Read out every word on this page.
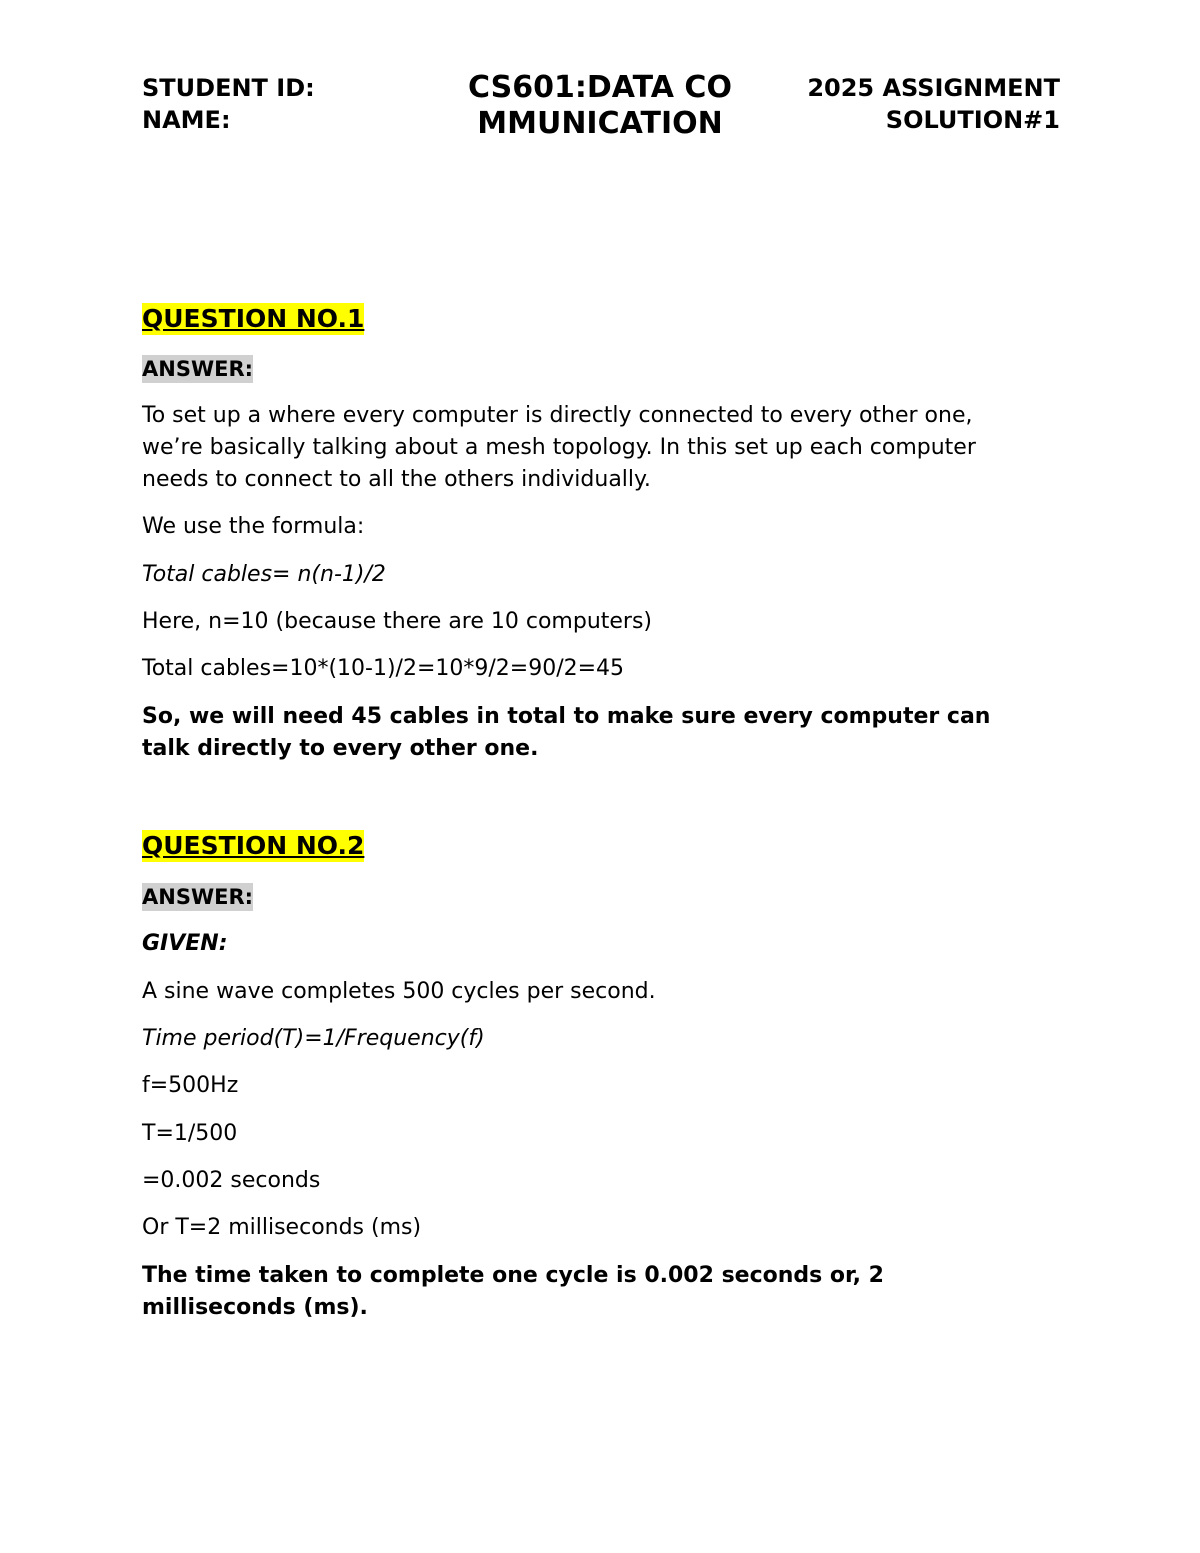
STUDENT ID:
NAME:
CS601:DATA COMMUNICATION
2025 ASSIGNMENT
SOLUTION#1
QUESTION NO.1
ANSWER:
To set up a where every computer is directly connected to every other one,
we’re basically talking about a mesh topology. In this set up each computer
needs to connect to all the others individually.
We use the formula:
Total cables= n(n-1)/2
Here, n=10 (because there are 10 computers)
Total cables=10*(10-1)/2=10*9/2=90/2=45
So, we will need 45 cables in total to make sure every computer can
talk directly to every other one.
QUESTION NO.2
ANSWER:
GIVEN:
A sine wave completes 500 cycles per second.
Time period(T)=1/Frequency(f)
f=500Hz
T=1/500
=0.002 seconds
Or T=2 milliseconds (ms)
The time taken to complete one cycle is 0.002 seconds or, 2
milliseconds (ms).
